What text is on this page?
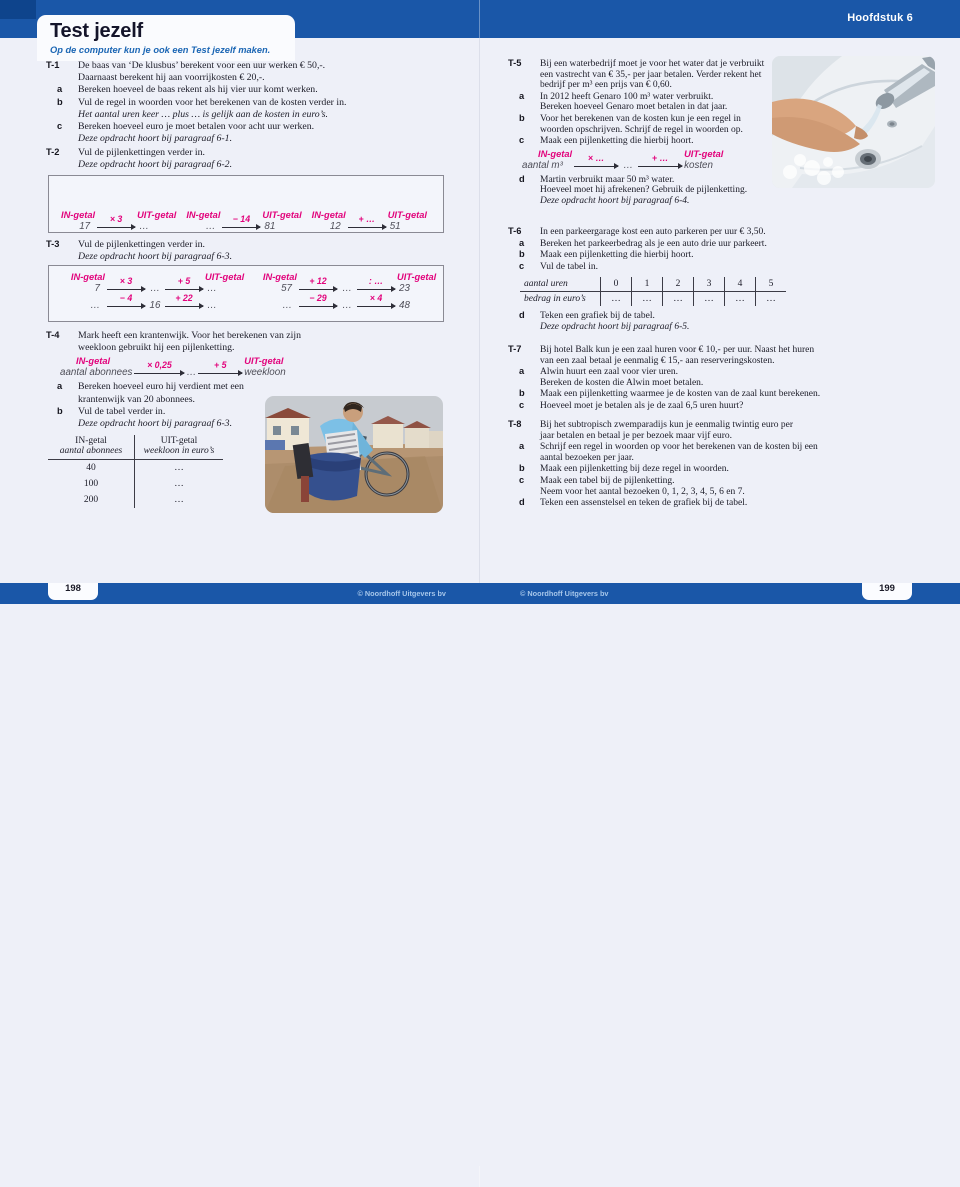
Hoofdstuk 6
Test jezelf
Op de computer kun je ook een Test jezelf maken.
T-1	De baas van ‘De klusbus’ berekent voor een uur werken € 50,-.
Daarnaast berekent hij aan voorrijkosten € 20,-.
a	Bereken hoeveel de baas rekent als hij vier uur komt werken.
b	Vul de regel in woorden voor het berekenen van de kosten verder in.
Het aantal uren keer … plus … is gelijk aan de kosten in euro’s.
c	Bereken hoeveel euro je moet betalen voor acht uur werken.
Deze opdracht hoort bij paragraaf 6-1.
T-2	Vul de pijlenkettingen verder in.
Deze opdracht hoort bij paragraaf 6-2.
IN-getal
17
× 3 UIT-getal
…
IN-getal
…
− 14 UIT-getal
81
IN-getal
12
+ … UIT-getal
51
T-3	Vul de pijlenkettingen verder in.
Deze opdracht hoort bij paragraaf 6-3.
IN-getal
7
× 3
…
+ 5 UIT-getal
…
…
− 4
16
+ 22
…
IN-getal
57
+ 12
…
: … UIT-getal
23
…
− 29
…
× 4
48
T-4	Mark heeft een krantenwijk. Voor het berekenen van zijn
weekloon gebruikt hij een pijlenketting.
IN-getal
aantal abonnees
× 0,25
…
+ 5 UIT-getal
weekloon
a	Bereken hoeveel euro hij verdient met een
krantenwijk van 20 abonnees.
b	Vul de tabel verder in.
Deze opdracht hoort bij paragraaf 6-3.
IN-getal
aantal abonnees	UIT-getal
weekloon in euro’s

40	…
100	…
200	…
T-5	Bij een waterbedrijf moet je voor het water dat je verbruikt
een vastrecht van € 35,- per jaar betalen. Verder rekent het
bedrijf per m³ een prijs van € 0,60.
a	In 2012 heeft Genaro 100 m³ water verbruikt.
Bereken hoeveel Genaro moet betalen in dat jaar.
b	Voor het berekenen van de kosten kun je een regel in
woorden opschrijven. Schrijf de regel in woorden op.
c	Maak een pijlenketting die hierbij hoort.
IN-getal
aantal m³
× …
…
+ … UIT-getal
kosten
d	Martin verbruikt maar 50 m³ water.
Hoeveel moet hij afrekenen? Gebruik de pijlenketting.
Deze opdracht hoort bij paragraaf 6-4.
T-6	In een parkeergarage kost een auto parkeren per uur € 3,50.
a	Bereken het parkeerbedrag als je een auto drie uur parkeert.
b	Maak een pijlenketting die hierbij hoort.
c	Vul de tabel in.
aantal uren	0	1	2	3	4	5
bedrag in euro’s	…	…	…	…	…	…
d	Teken een grafiek bij de tabel.
Deze opdracht hoort bij paragraaf 6-5.
T-7	Bij hotel Balk kun je een zaal huren voor € 10,- per uur. Naast het huren
van een zaal betaal je eenmalig € 15,- aan reserveringskosten.
a	Alwin huurt een zaal voor vier uren.
Bereken de kosten die Alwin moet betalen.
b	Maak een pijlenketting waarmee je de kosten van de zaal kunt berekenen.
c	Hoeveel moet je betalen als je de zaal 6,5 uren huurt?
T-8	Bij het subtropisch zwemparadijs kun je eenmalig twintig euro per
jaar betalen en betaal je per bezoek maar vijf euro.
a	Schrijf een regel in woorden op voor het berekenen van de kosten bij een
aantal bezoeken per jaar.
b	Maak een pijlenketting bij deze regel in woorden.
c	Maak een tabel bij de pijlenketting.
Neem voor het aantal bezoeken 0, 1, 2, 3, 4, 5, 6 en 7.
d	Teken een assenstelsel en teken de grafiek bij de tabel.
198	199
© Noordhoff Uitgevers bv	© Noordhoff Uitgevers bv
